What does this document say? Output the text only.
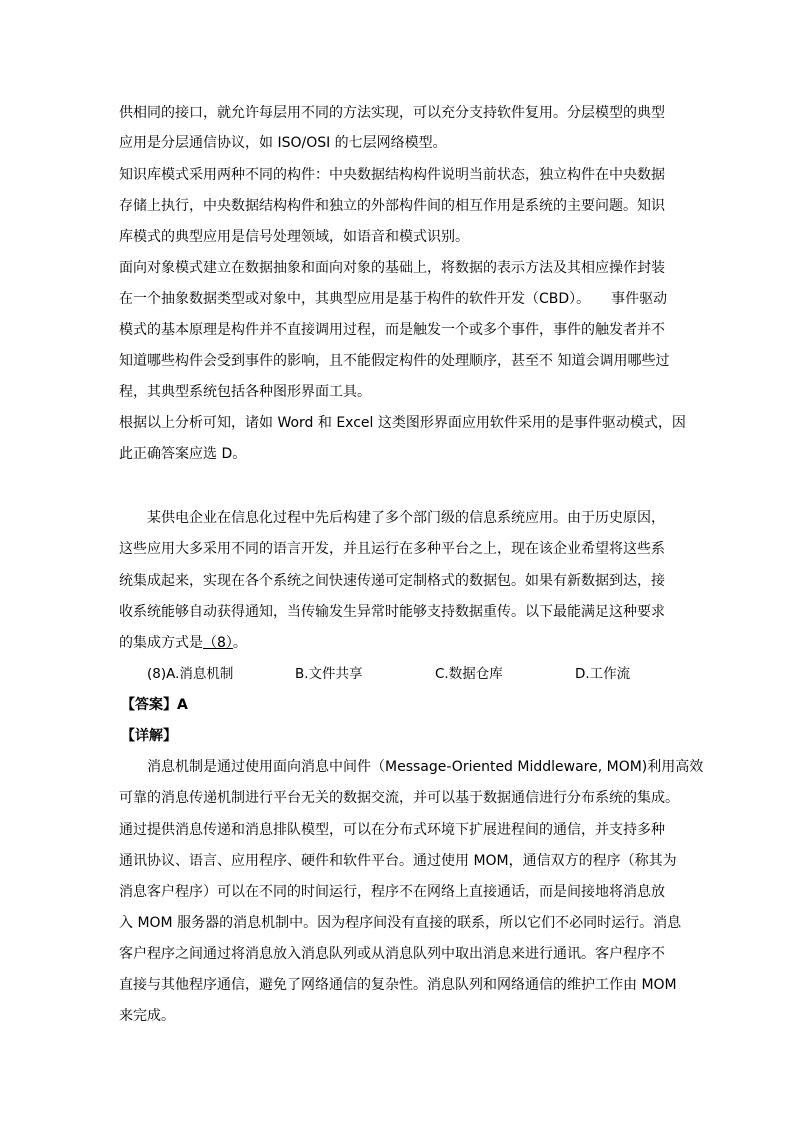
供相同的接口，就允许每层用不同的方法实现，可以充分支持软件复用。分层模型的典型
应用是分层通信协议，如 ISO/OSI 的七层网络模型。
知识库模式采用两种不同的构件：中央数据结构构件说明当前状态，独立构件在中央数据
存储上执行，中央数据结构构件和独立的外部构件间的相互作用是系统的主要问题。知识
库模式的典型应用是信号处理领域，如语音和模式识别。
面向对象模式建立在数据抽象和面向对象的基础上，将数据的表示方法及其相应操作封装
在一个抽象数据类型或对象中，其典型应用是基于构件的软件开发（CBD）。　　事件驱动
模式的基本原理是构件并不直接调用过程，而是触发一个或多个事件，事件的触发者并不
知道哪些构件会受到事件的影响，且不能假定构件的处理顺序，甚至不 知道会调用哪些过
程，其典型系统包括各种图形界面工具。
根据以上分析可知，诸如 Word 和 Excel 这类图形界面应用软件采用的是事件驱动模式，因
此正确答案应选 D。
某供电企业在信息化过程中先后构建了多个部门级的信息系统应用。由于历史原因，
这些应用大多采用不同的语言开发，并且运行在多种平台之上，现在该企业希望将这些系
统集成起来，实现在各个系统之间快速传递可定制格式的数据包。如果有新数据到达，接
收系统能够自动获得通知，当传输发生异常时能够支持数据重传。以下最能满足这种要求
的集成方式是（8）。
(8)A.消息机制	B.文件共享	C.数据仓库	D.工作流
【答案】A
【详解】
消息机制是通过使用面向消息中间件（Message-Oriented Middleware, MOM)利用高效
可靠的消息传递机制进行平台无关的数据交流，并可以基于数据通信进行分布系统的集成。
通过提供消息传递和消息排队模型，可以在分布式环境下扩展进程间的通信，并支持多种
通讯协议、语言、应用程序、硬件和软件平台。通过使用 MOM，通信双方的程序（称其为
消息客户程序）可以在不同的时间运行，程序不在网络上直接通话，而是间接地将消息放
入 MOM 服务器的消息机制中。因为程序间没有直接的联系，所以它们不必同时运行。消息
客户程序之间通过将消息放入消息队列或从消息队列中取出消息来进行通讯。客户程序不
直接与其他程序通信，避免了网络通信的复杂性。消息队列和网络通信的维护工作由 MOM
来完成。
